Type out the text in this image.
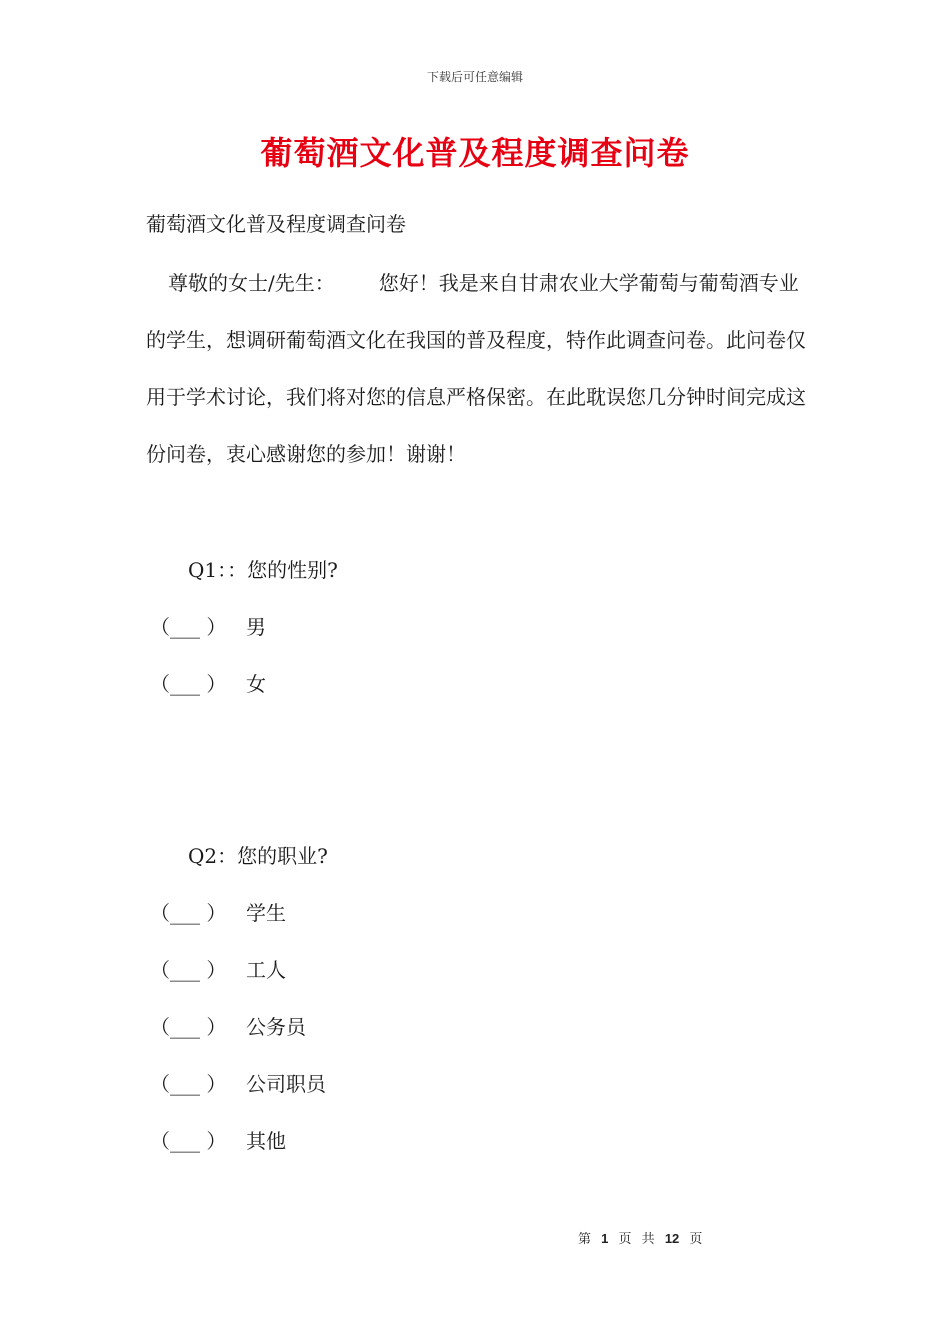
下载后可任意编辑
葡萄酒文化普及程度调查问卷
葡萄酒文化普及程度调查问卷

尊敬的女士/先生： 您好！我是来自甘肃农业大学葡萄与葡萄酒专业的学生，想调研葡萄酒文化在我国的普及程度，特作此调查问卷。此问卷仅用于学术讨论，我们将对您的信息严格保密。在此耽误您几分钟时间完成这份问卷，衷心感谢您的参加！谢谢！

Q1：：您的性别?
（___ ） 男
（___ ） 女
Q2：您的职业?
（___ ） 学生
（___ ） 工人
（___ ） 公务员
（___ ） 公司职员
（___ ） 其他
第 1 页 共 12 页
